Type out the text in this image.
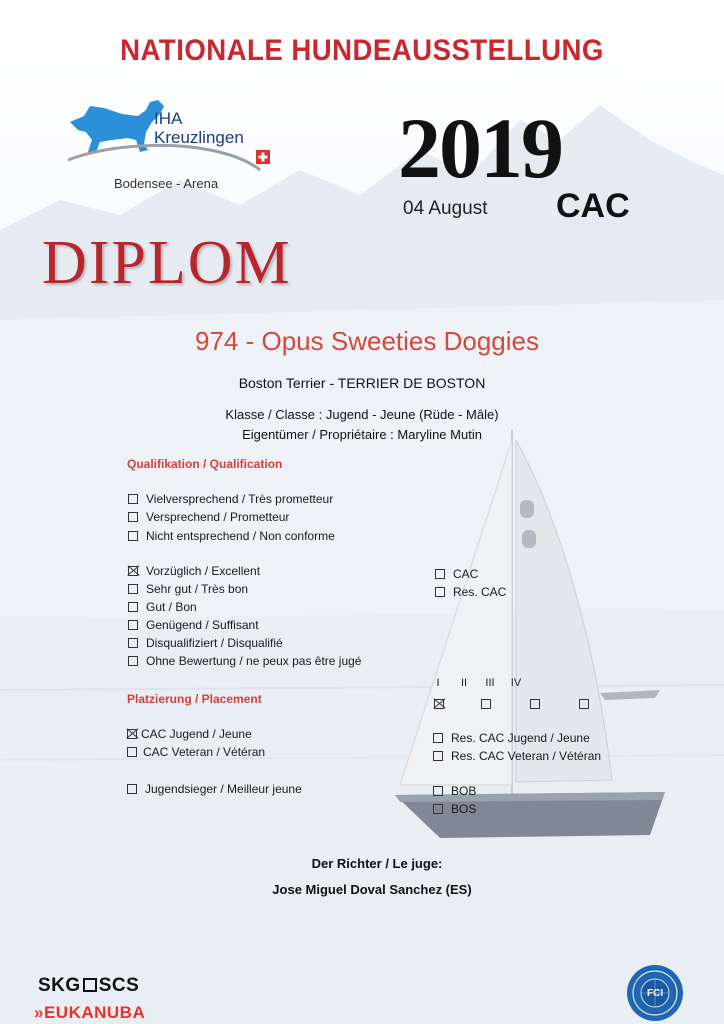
NATIONALE HUNDEAUSSTELLUNG
IHA
Kreuzlingen
Bodensee - Arena 2019
04 August CAC
DIPLOM
974 - Opus Sweeties Doggies
Boston Terrier - TERRIER DE BOSTON
Klasse / Classe : Jugend - Jeune (Rüde - Mâle)
Eigentümer / Propriétaire : Maryline Mutin
Qualifikation / Qualification
Vielversprechend / Très prometteur
Versprechend / Prometteur
Nicht entsprechend / Non conforme
Vorzüglich / Excellent
Sehr gut / Très bon
Gut / Bon
Genügend / Suffisant
Disqualifiziert / Disqualifié
Ohne Bewertung / ne peux pas être jugé
CAC
Res. CAC
Platzierung / Placement
I	II	III IV

CAC Jugend / Jeune
CAC Veteran / Vétéran
Res. CAC Jugend / Jeune
Res. CAC Veteran / Vétéran
Jugendsieger / Meilleur jeune	BOB
BOS
Der Richter / Le juge:
Jose Miguel Doval Sanchez (ES)
SKG SCS
»EUKANUBA
FCI
